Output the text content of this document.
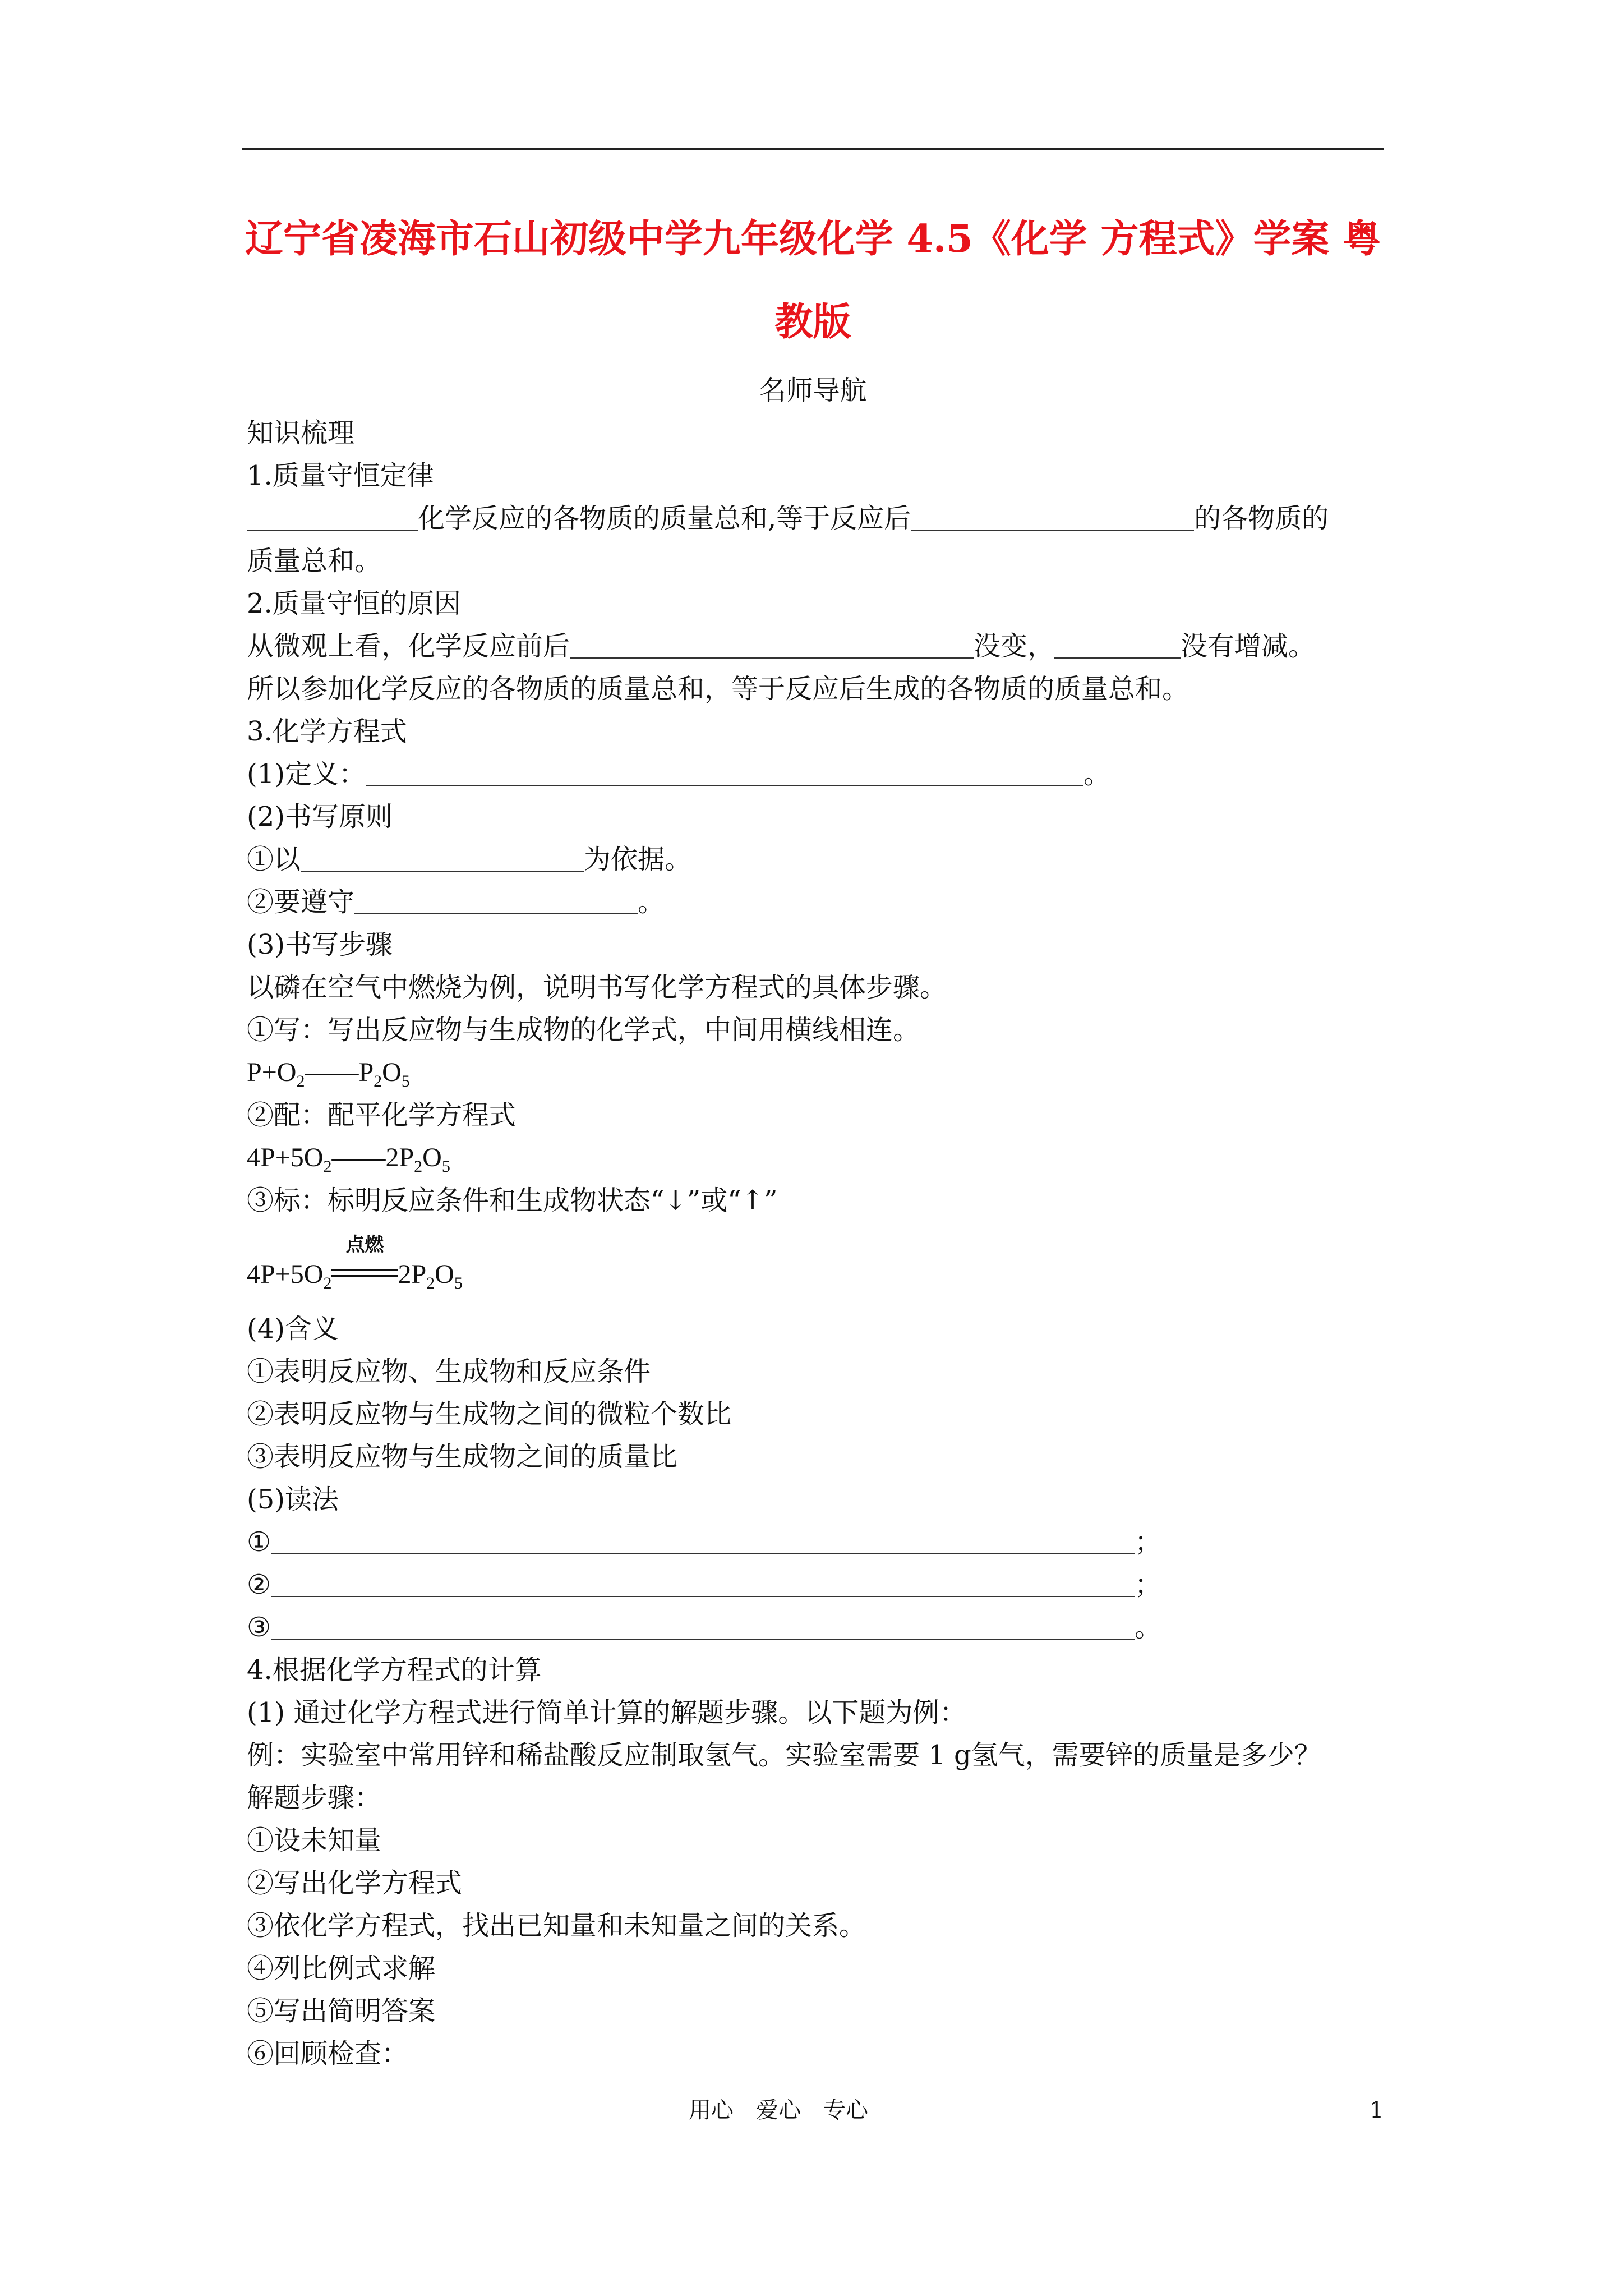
辽宁省凌海市石山初级中学九年级化学 4.5《化学 方程式》学案 粤
教版
名师导航
知识梳理
1.质量守恒定律
化学反应的各物质的质量总和,等于反应后	的各物质的
质量总和。
2.质量守恒的原因
从微观上看，化学反应前后	没变，	没有增减。
所以参加化学反应的各物质的质量总和，等于反应后生成的各物质的质量总和。
3.化学方程式
(1)定义：	。
(2)书写原则
①以	为依据。
②要遵守	。
(3)书写步骤
以磷在空气中燃烧为例，说明书写化学方程式的具体步骤。
①写：写出反应物与生成物的化学式，中间用横线相连。
$P+O_2——P_2O_5$
②配：配平化学方程式
$4P+5O_2——2P_2O_5$
③标：标明反应条件和生成物状态“↓”或“↑”
$4P+5O_2$
点燃
$2P_2O_5$
(4)含义
①表明反应物、生成物和反应条件
②表明反应物与生成物之间的微粒个数比
③表明反应物与生成物之间的质量比
(5)读法
①	；
②	；
③	。
4.根据化学方程式的计算
(1) 通过化学方程式进行简单计算的解题步骤。以下题为例：
例：实验室中常用锌和稀盐酸反应制取氢气。实验室需要 1 g氢气，需要锌的质量是多少？
解题步骤：
①设未知量
②写出化学方程式
③依化学方程式，找出已知量和未知量之间的关系。
④列比例式求解
⑤写出简明答案
⑥回顾检查：
用心　爱心　专心	1
